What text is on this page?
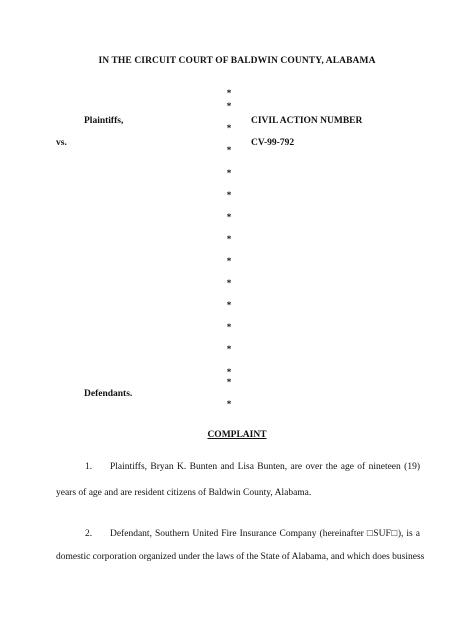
IN THE CIRCUIT COURT OF BALDWIN COUNTY, ALABAMA
Plaintiffs,
vs.
Defendants.
CIVIL ACTION NUMBER
CV-99-792
*
*
*
*
*
*
*
*
*
*
*
*
*
*
*
*
COMPLAINT
1. Plaintiffs, Bryan K. Bunten and Lisa Bunten, are over the age of nineteen (19)
years of age and are resident citizens of Baldwin County, Alabama.
2. Defendant, Southern United Fire Insurance Company (hereinafter □SUF□), is a
domestic corporation organized under the laws of the State of Alabama, and which does business
